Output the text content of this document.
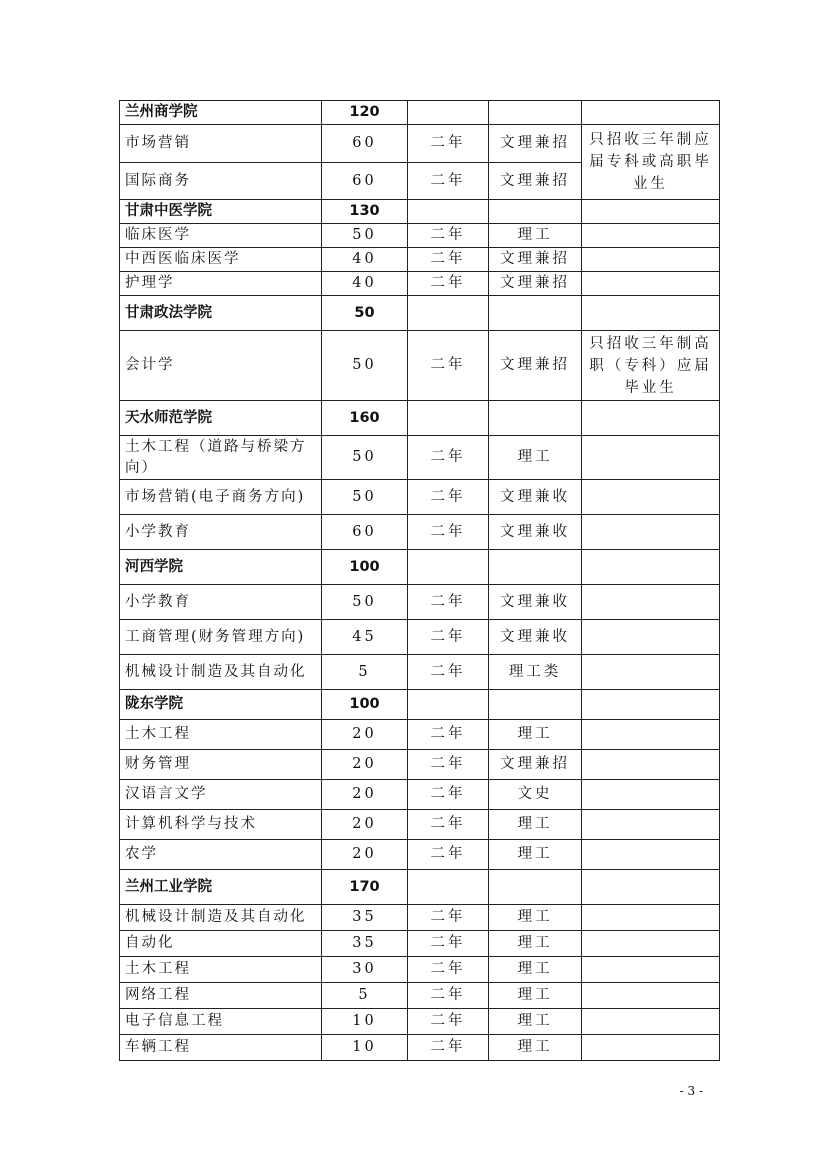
兰州商学院	120			
市场营销	60	二年	文理兼招	只招收三年制应届专科或高职毕业生
国际商务	60	二年	文理兼招	
甘肃中医学院	130			
临床医学	50	二年	理工	
中西医临床医学	40	二年	文理兼招	
护理学	40	二年	文理兼招	
甘肃政法学院	50			
会计学	50	二年	文理兼招	只招收三年制高职（专科）应届毕业生
天水师范学院	160			
土木工程（道路与桥梁方向）	50	二年	理工	
市场营销(电子商务方向)	50	二年	文理兼收	
小学教育	60	二年	文理兼收	
河西学院	100			
小学教育	50	二年	文理兼收	
工商管理(财务管理方向)	45	二年	文理兼收	
机械设计制造及其自动化	5	二年	理工类	
陇东学院	100			
土木工程	20	二年	理工	
财务管理	20	二年	文理兼招	
汉语言文学	20	二年	文史	
计算机科学与技术	20	二年	理工	
农学	20	二年	理工	
兰州工业学院	170			
机械设计制造及其自动化	35	二年	理工	
自动化	35	二年	理工	
土木工程	30	二年	理工	
网络工程	5	二年	理工	
电子信息工程	10	二年	理工	
车辆工程	10	二年	理工	
- 3 -
